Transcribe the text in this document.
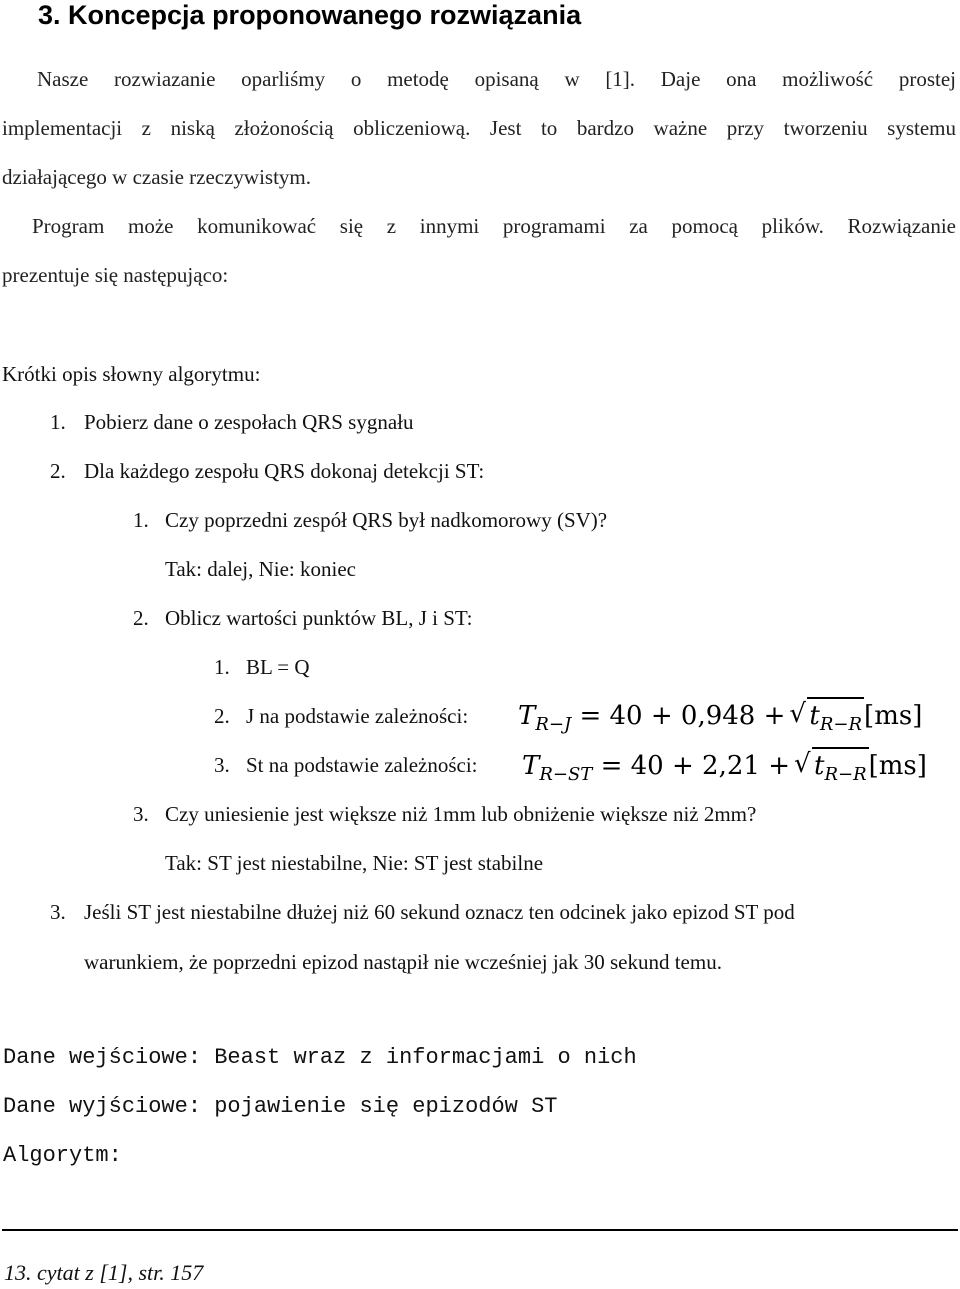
3. Koncepcja proponowanego rozwiązania
Nasze rozwiazanie oparliśmy o metodę opisaną w [1]. Daje ona możliwość prostej
implementacji z niską złożonością obliczeniową. Jest to bardzo ważne przy tworzeniu systemu
działającego w czasie rzeczywistym.
Program może komunikować się z innymi programami za pomocą plików. Rozwiązanie
prezentuje się następująco:
Krótki opis słowny algorytmu:
1. Pobierz dane o zespołach QRS sygnału
2. Dla każdego zespołu QRS dokonaj detekcji ST:
1. Czy poprzedni zespół QRS był nadkomorowy (SV)?
Tak: dalej, Nie: koniec
2. Oblicz wartości punktów BL, J i ST:
1. BL = Q
2. J na podstawie zależności: $T_{R-J} = 40 + 0,948$ + √ $t_{R-R}[ms]$
3. St na podstawie zależności: $T_{R-ST} = 40 + 2,21$ + √ $t_{R-R}[ms]$
3. Czy uniesienie jest większe niż 1mm lub obniżenie większe niż 2mm?
Tak: ST jest niestabilne, Nie: ST jest stabilne
3. Jeśli ST jest niestabilne dłużej niż 60 sekund oznacz ten odcinek jako epizod ST pod
warunkiem, że poprzedni epizod nastąpił nie wcześniej jak 30 sekund temu.
Dane wejściowe: Beast wraz z informacjami o nich
Dane wyjściowe: pojawienie się epizodów ST
Algorytm:
13. cytat z [1], str. 157
